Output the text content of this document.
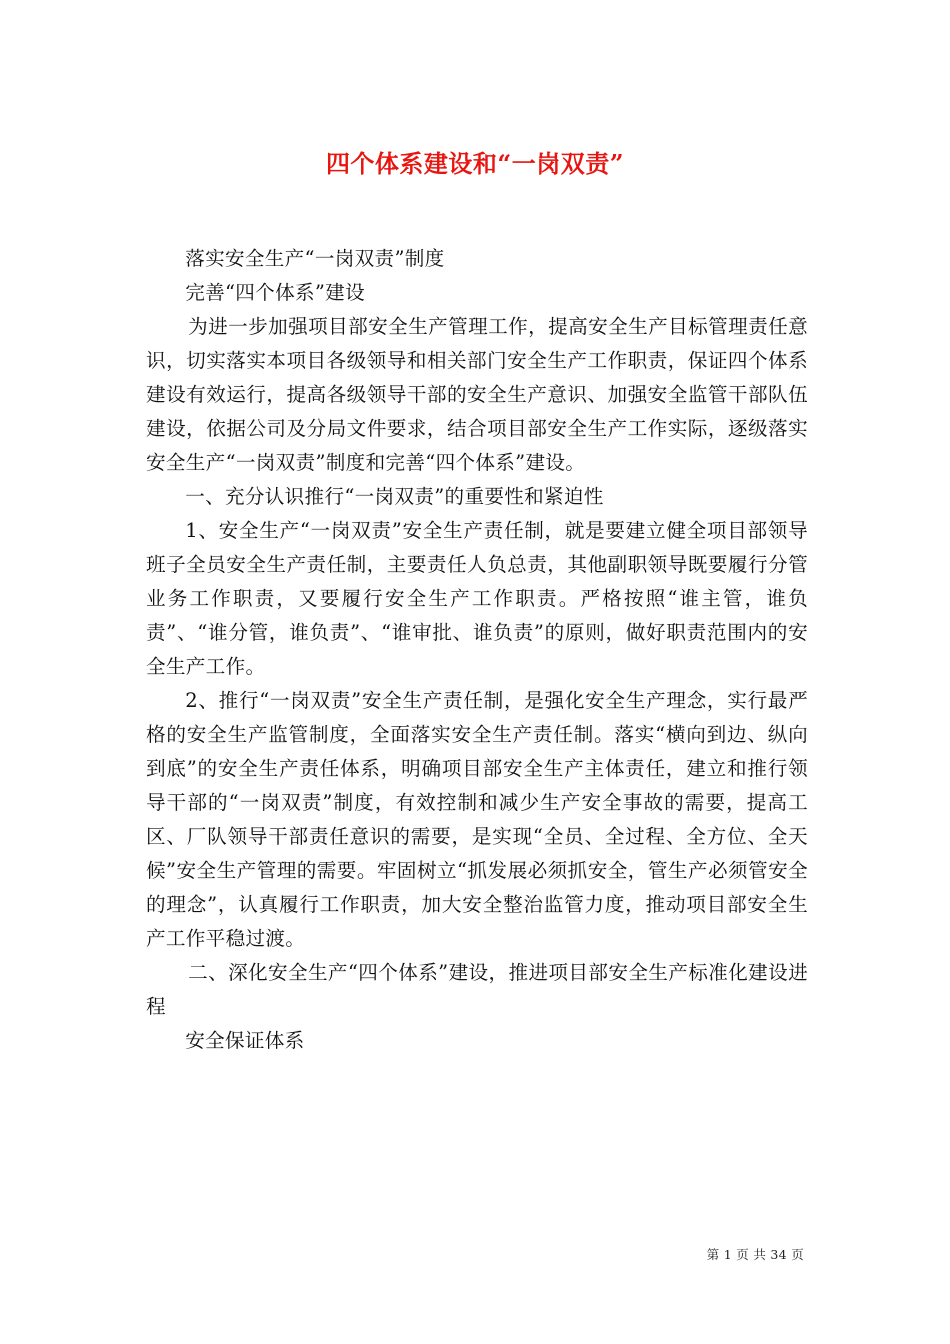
四个体系建设和“一岗双责”

落实安全生产“一岗双责”制度

完善“四个体系”建设

为进一步加强项目部安全生产管理工作，提高安全生产目标管理责任意识，切实落实本项目各级领导和相关部门安全生产工作职责，保证四个体系建设有效运行，提高各级领导干部的安全生产意识、加强安全监管干部队伍建设，依据公司及分局文件要求，结合项目部安全生产工作实际，逐级落实安全生产“一岗双责”制度和完善“四个体系”建设。

一、充分认识推行“一岗双责”的重要性和紧迫性

1、安全生产“一岗双责”安全生产责任制，就是要建立健全项目部领导班子全员安全生产责任制，主要责任人负总责，其他副职领导既要履行分管业务工作职责，又要履行安全生产工作职责。严格按照“谁主管，谁负责”、“谁分管，谁负责”、“谁审批、谁负责”的原则，做好职责范围内的安全生产工作。

2、推行“一岗双责”安全生产责任制，是强化安全生产理念，实行最严格的安全生产监管制度，全面落实安全生产责任制。落实“横向到边、纵向到底”的安全生产责任体系，明确项目部安全生产主体责任，建立和推行领导干部的“一岗双责”制度，有效控制和减少生产安全事故的需要，提高工区、厂队领导干部责任意识的需要，是实现“全员、全过程、全方位、全天候”安全生产管理的需要。牢固树立“抓发展必须抓安全，管生产必须管安全的理念”，认真履行工作职责，加大安全整治监管力度，推动项目部安全生产工作平稳过渡。

二、深化安全生产“四个体系”建设，推进项目部安全生产标准化建设进程

安全保证体系

第 1 页 共 34 页
